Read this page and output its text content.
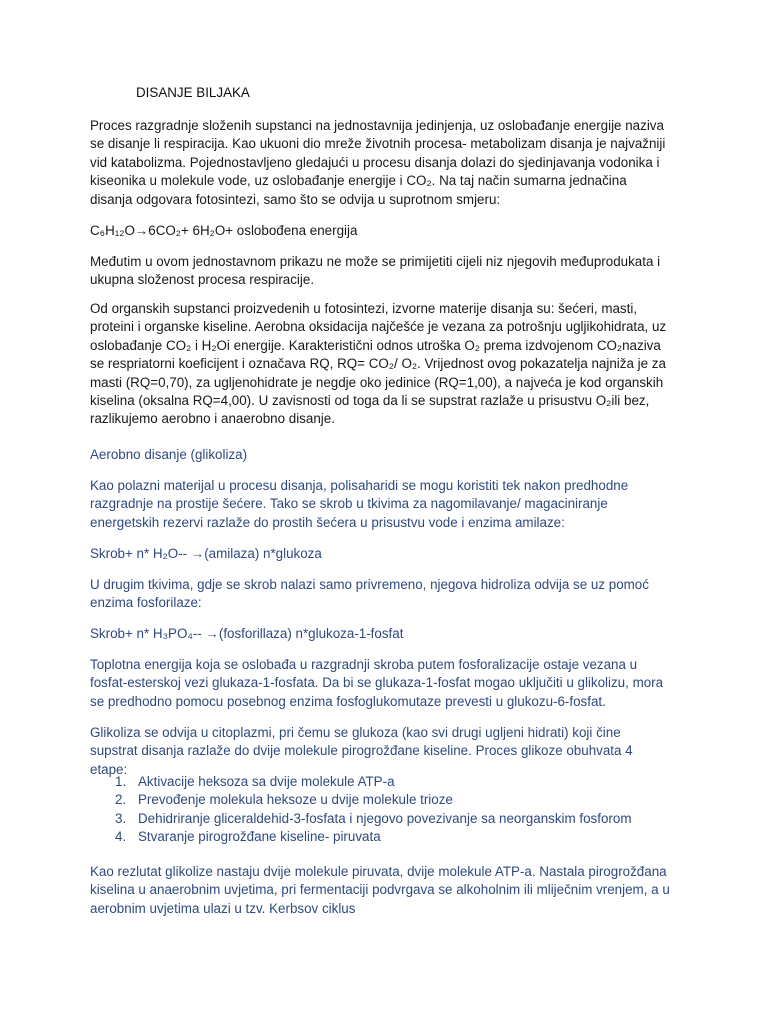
DISANJE BILJAKA

Proces razgradnje složenih supstanci na jednostavnija jedinjenja, uz oslobađanje energije naziva se disanje li respiracija. Kao ukuoni dio mreže životnih procesa- metabolizam disanja je najvažniji vid katabolizma. Pojednostavljeno gledajući u procesu disanja dolazi do sjedinjavanja vodonika i kiseonika u molekule vode, uz oslobađanje energije i CO₂. Na taj način sumarna jednačina disanja odgovara fotosintezi, samo što se odvija u suprotnom smjeru:

C₆H₁₂O→6CO₂+ 6H₂O+ oslobođena energija

Međutim u ovom jednostavnom prikazu ne može se primijetiti cijeli niz njegovih međuprodukata i ukupna složenost procesa respiracije.

Od organskih supstanci proizvedenih u fotosintezi, izvorne materije disanja su: šećeri, masti, proteini i organske kiseline. Aerobna oksidacija najčešće je vezana za potrošnju ugljikohidrata, uz oslobađanje CO₂ i H₂Oi energije. Karakteristični odnos utroška O₂ prema izdvojenom CO₂naziva se respriatorni koeficijent i označava RQ, RQ= CO₂/ O₂. Vrijednost ovog pokazatelja najniža je za masti (RQ=0,70), za ugljenohidrate je negdje oko jedinice (RQ=1,00), a najveća je kod organskih kiselina (oksalna RQ=4,00). U zavisnosti od toga da li se supstrat razlaže u prisustvu O₂ili bez, razlikujemo aerobno i anaerobno disanje.

Aerobno disanje (glikoliza)

Kao polazni materijal u procesu disanja, polisaharidi se mogu koristiti tek nakon predhodne razgradnje na prostije šećere. Tako se skrob u tkivima za nagomilavanje/ magaciniranje energetskih rezervi razlaže do prostih šećera u prisustvu vode i enzima amilaze:

Skrob+ n* H₂O-- →(amilaza) n*glukoza

U drugim tkivima, gdje se skrob nalazi samo privremeno, njegova hidroliza odvija se uz pomoć enzima fosforilaze:

Skrob+ n* H₃PO₄-- →(fosforillaza) n*glukoza-1-fosfat

Toplotna energija koja se oslobađa u razgradnji skroba putem fosforalizacije ostaje vezana u fosfat-esterskoj vezi glukaza-1-fosfata. Da bi se glukaza-1-fosfat mogao uključiti u glikolizu, mora se predhodno pomocu posebnog enzima fosfoglukomutaze prevesti u glukozu-6-fosfat.

Glikoliza se odvija u citoplazmi, pri čemu se glukoza (kao svi drugi ugljeni hidrati) koji čine supstrat disanja razlaže do dvije molekule pirogrožđane kiseline. Proces glikoze obuhvata 4 etape:

1. Aktivacije heksoza sa dvije molekule ATP-a
2. Prevođenje molekula heksoze u dvije molekule trioze
3. Dehidriranje gliceraldehid-3-fosfata i njegovo povezivanje sa neorganskim fosforom
4. Stvaranje pirogrožđane kiseline- piruvata

Kao rezlutat glikolize nastaju dvije molekule piruvata, dvije molekule ATP-a. Nastala pirogrožđana kiselina u anaerobnim uvjetima, pri fermentaciji podvrgava se alkoholnim ili mliječnim vrenjem, a u aerobnim uvjetima ulazi u tzv. Kerbsov ciklus
